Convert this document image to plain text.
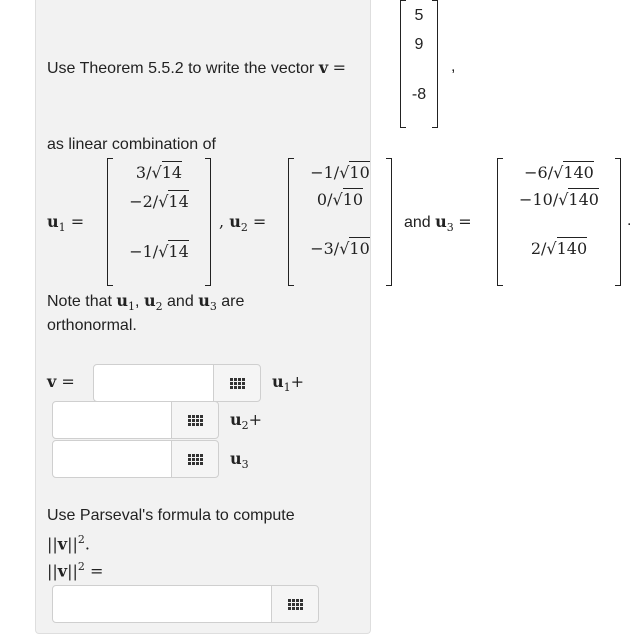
Use Theorem 5.5.2 to write the vector v =
5
9
-8
,
as linear combination of
$u_1$ =
3/√14
−2/√14
−1/√14
, $u_2$ =
−1/√10
0/√10
−3/√10
and $u_3$ =
−6/√140
−10/√140
2/√140
.
Note that $u_1$, $u_2$ and $u_3$ are
orthonormal.
v =	$u_1+$
$u_2+$
$u_3$
Use Parseval's formula to compute
$||v||^2$.
$||v||^2$ =
